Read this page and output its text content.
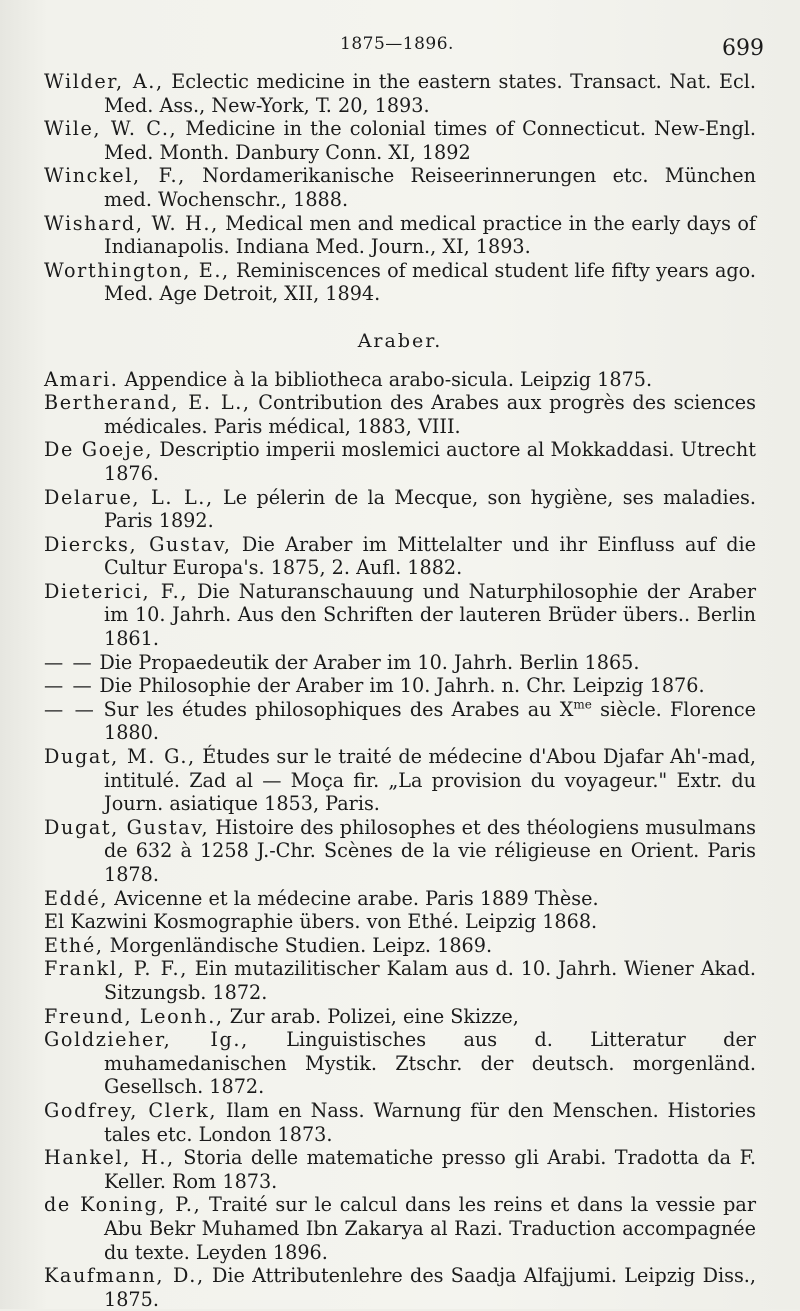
1875—1896.	699

Wilder, A., Eclectic medicine in the eastern states. Transact. Nat. Ecl. Med. Ass., New-York, T. 20, 1893.

Wile, W. C., Medicine in the colonial times of Connecticut. New-Engl. Med. Month. Danbury Conn. XI, 1892

Winckel, F., Nordamerikanische Reiseerinnerungen etc. München med. Wochenschr., 1888.

Wishard, W. H., Medical men and medical practice in the early days of Indianapolis. Indiana Med. Journ., XI, 1893.

Worthington, E., Reminiscences of medical student life fifty years ago. Med. Age Detroit, XII, 1894.

Araber.

Amari. Appendice à la bibliotheca arabo-sicula. Leipzig 1875.

Bertherand, E. L., Contribution des Arabes aux progrès des sciences médicales. Paris médical, 1883, VIII.

De Goeje, Descriptio imperii moslemici auctore al Mokkaddasi. Utrecht 1876.

Delarue, L. L., Le pélerin de la Mecque, son hygiène, ses maladies. Paris 1892.

Diercks, Gustav, Die Araber im Mittelalter und ihr Einfluss auf die Cultur Europa's. 1875, 2. Aufl. 1882.

Dieterici, F., Die Naturanschauung und Naturphilosophie der Araber im 10. Jahrh. Aus den Schriften der lauteren Brüder übers.. Berlin 1861.

— — Die Propaedeutik der Araber im 10. Jahrh. Berlin 1865.

— — Die Philosophie der Araber im 10. Jahrh. n. Chr. Leipzig 1876.

— — Sur les études philosophiques des Arabes au $X^{me}$ siècle. Florence 1880.

Dugat, M. G., Études sur le traité de médecine d'Abou Djafar Ah'-mad, intitulé. Zad al — Moça fir. „La provision du voyageur." Extr. du Journ. asiatique 1853, Paris.

Dugat, Gustav, Histoire des philosophes et des théologiens musulmans de 632 à 1258 J.-Chr. Scènes de la vie réligieuse en Orient. Paris 1878.

Eddé, Avicenne et la médecine arabe. Paris 1889 Thèse.

El Kazwini Kosmographie übers. von Ethé. Leipzig 1868.

Ethé, Morgenländische Studien. Leipz. 1869.

Frankl, P. F., Ein mutazilitischer Kalam aus d. 10. Jahrh. Wiener Akad. Sitzungsb. 1872.

Freund, Leonh., Zur arab. Polizei, eine Skizze,

Goldzieher, Ig., Linguistisches aus d. Litteratur der muhamedanischen Mystik. Ztschr. der deutsch. morgenländ. Gesellsch. 1872.

Godfrey, Clerk, Ilam en Nass. Warnung für den Menschen. Histories tales etc. London 1873.

Hankel, H., Storia delle matematiche presso gli Arabi. Tradotta da F. Keller. Rom 1873.

de Koning, P., Traité sur le calcul dans les reins et dans la vessie par Abu Bekr Muhamed Ibn Zakarya al Razi. Traduction accompagnée du texte. Leyden 1896.

Kaufmann, D., Die Attributenlehre des Saadja Alfajjumi. Leipzig Diss., 1875.
